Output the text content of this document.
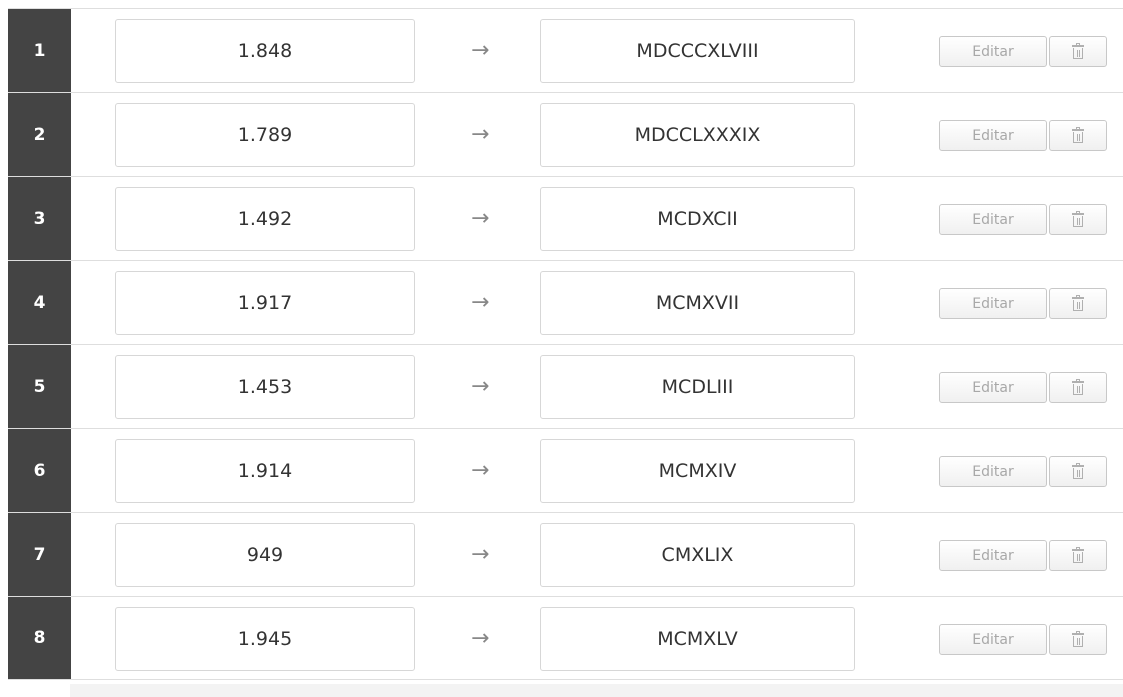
1	1.848	→	MDCCCXLVIII	Editar
2	1.789	→	MDCCLXXXIX	Editar
3	1.492	→	MCDXCII	Editar
4	1.917	→	MCMXVII	Editar
5	1.453	→	MCDLIII	Editar
6	1.914	→	MCMXIV	Editar
7	949	→	CMXLIX	Editar
8	1.945	→	MCMXLV	Editar
